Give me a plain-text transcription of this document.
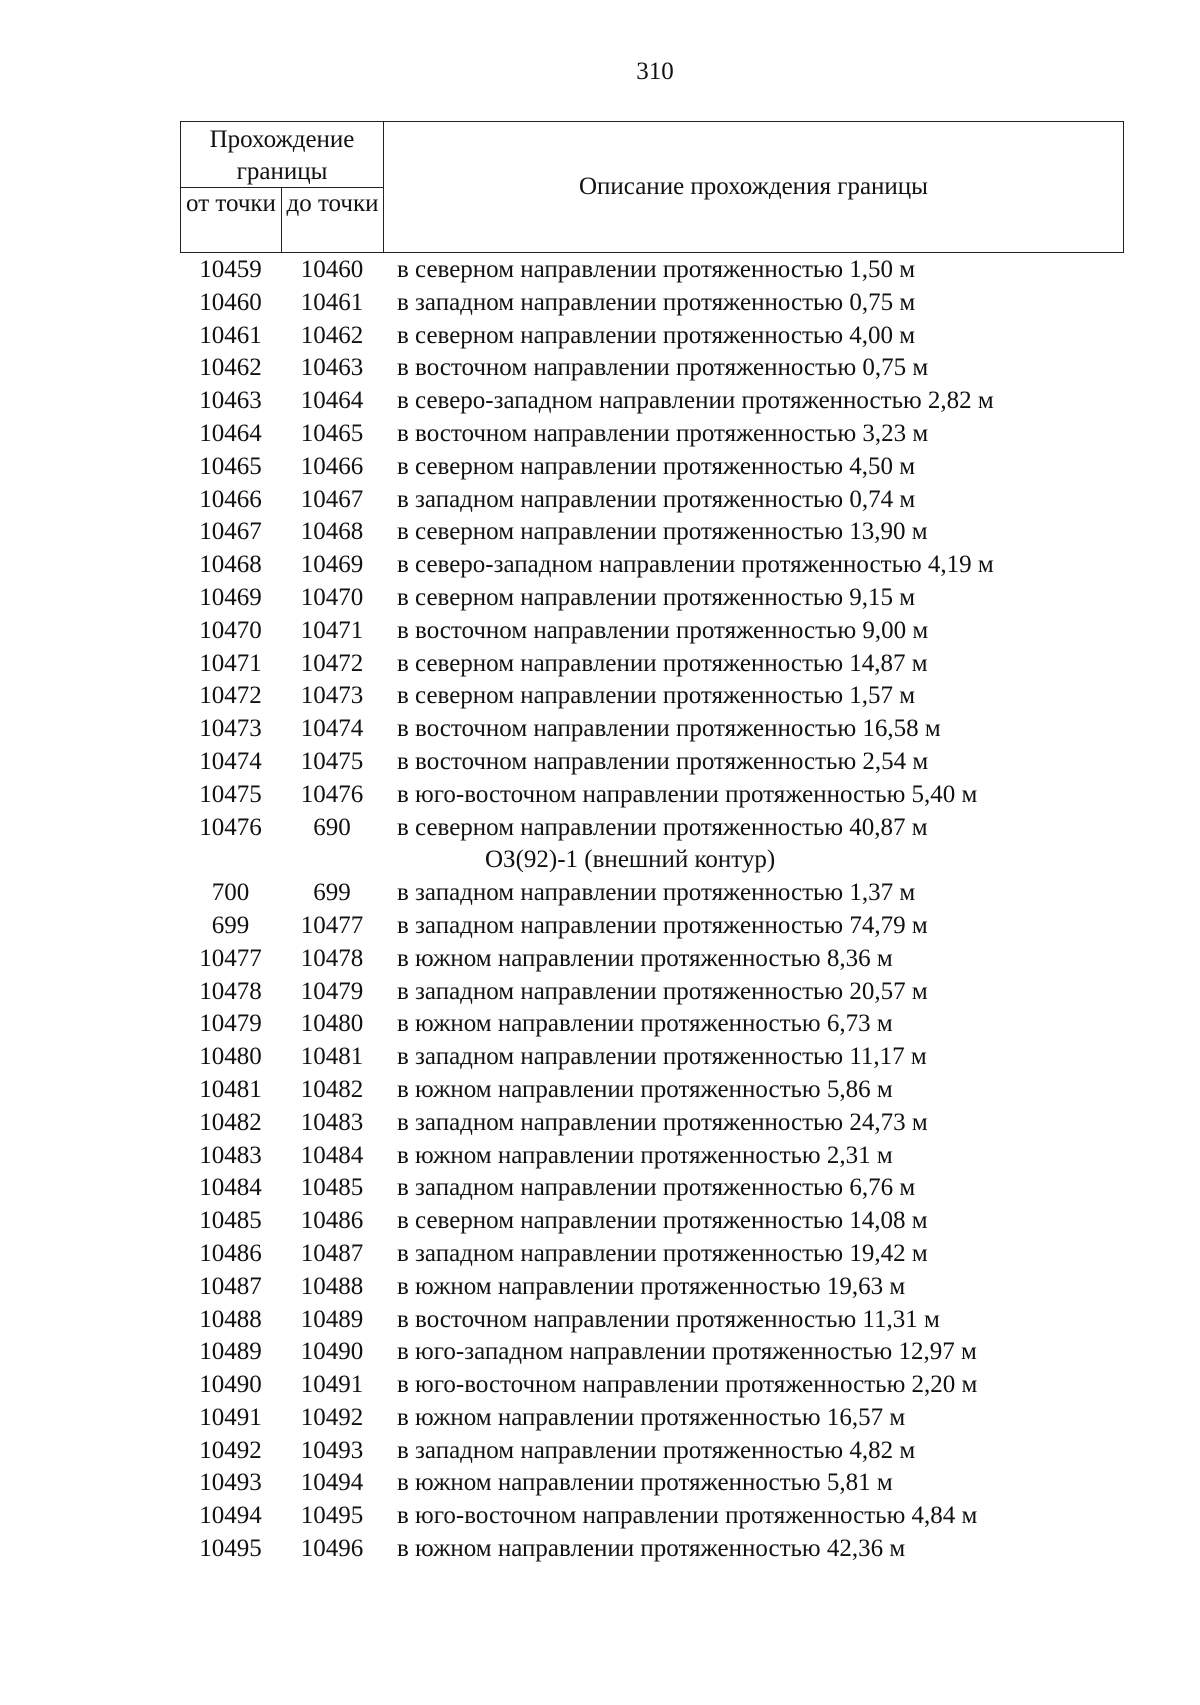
310
Прохождение границы
от точки до точки
Описание прохождения границы
10459	10460	в северном направлении протяженностью 1,50 м
10460	10461	в западном направлении протяженностью 0,75 м
10461	10462	в северном направлении протяженностью 4,00 м
10462	10463	в восточном направлении протяженностью 0,75 м
10463	10464	в северо-западном направлении протяженностью 2,82 м
10464	10465	в восточном направлении протяженностью 3,23 м
10465	10466	в северном направлении протяженностью 4,50 м
10466	10467	в западном направлении протяженностью 0,74 м
10467	10468	в северном направлении протяженностью 13,90 м
10468	10469	в северо-западном направлении протяженностью 4,19 м
10469	10470	в северном направлении протяженностью 9,15 м
10470	10471	в восточном направлении протяженностью 9,00 м
10471	10472	в северном направлении протяженностью 14,87 м
10472	10473	в северном направлении протяженностью 1,57 м
10473	10474	в восточном направлении протяженностью 16,58 м
10474	10475	в восточном направлении протяженностью 2,54 м
10475	10476	в юго-восточном направлении протяженностью 5,40 м
10476	690	в северном направлении протяженностью 40,87 м
ОЗ(92)-1 (внешний контур)
700	699	в западном направлении протяженностью 1,37 м
699	10477	в западном направлении протяженностью 74,79 м
10477	10478	в южном направлении протяженностью 8,36 м
10478	10479	в западном направлении протяженностью 20,57 м
10479	10480	в южном направлении протяженностью 6,73 м
10480	10481	в западном направлении протяженностью 11,17 м
10481	10482	в южном направлении протяженностью 5,86 м
10482	10483	в западном направлении протяженностью 24,73 м
10483	10484	в южном направлении протяженностью 2,31 м
10484	10485	в западном направлении протяженностью 6,76 м
10485	10486	в северном направлении протяженностью 14,08 м
10486	10487	в западном направлении протяженностью 19,42 м
10487	10488	в южном направлении протяженностью 19,63 м
10488	10489	в восточном направлении протяженностью 11,31 м
10489	10490	в юго-западном направлении протяженностью 12,97 м
10490	10491	в юго-восточном направлении протяженностью 2,20 м
10491	10492	в южном направлении протяженностью 16,57 м
10492	10493	в западном направлении протяженностью 4,82 м
10493	10494	в южном направлении протяженностью 5,81 м
10494	10495	в юго-восточном направлении протяженностью 4,84 м
10495	10496	в южном направлении протяженностью 42,36 м
